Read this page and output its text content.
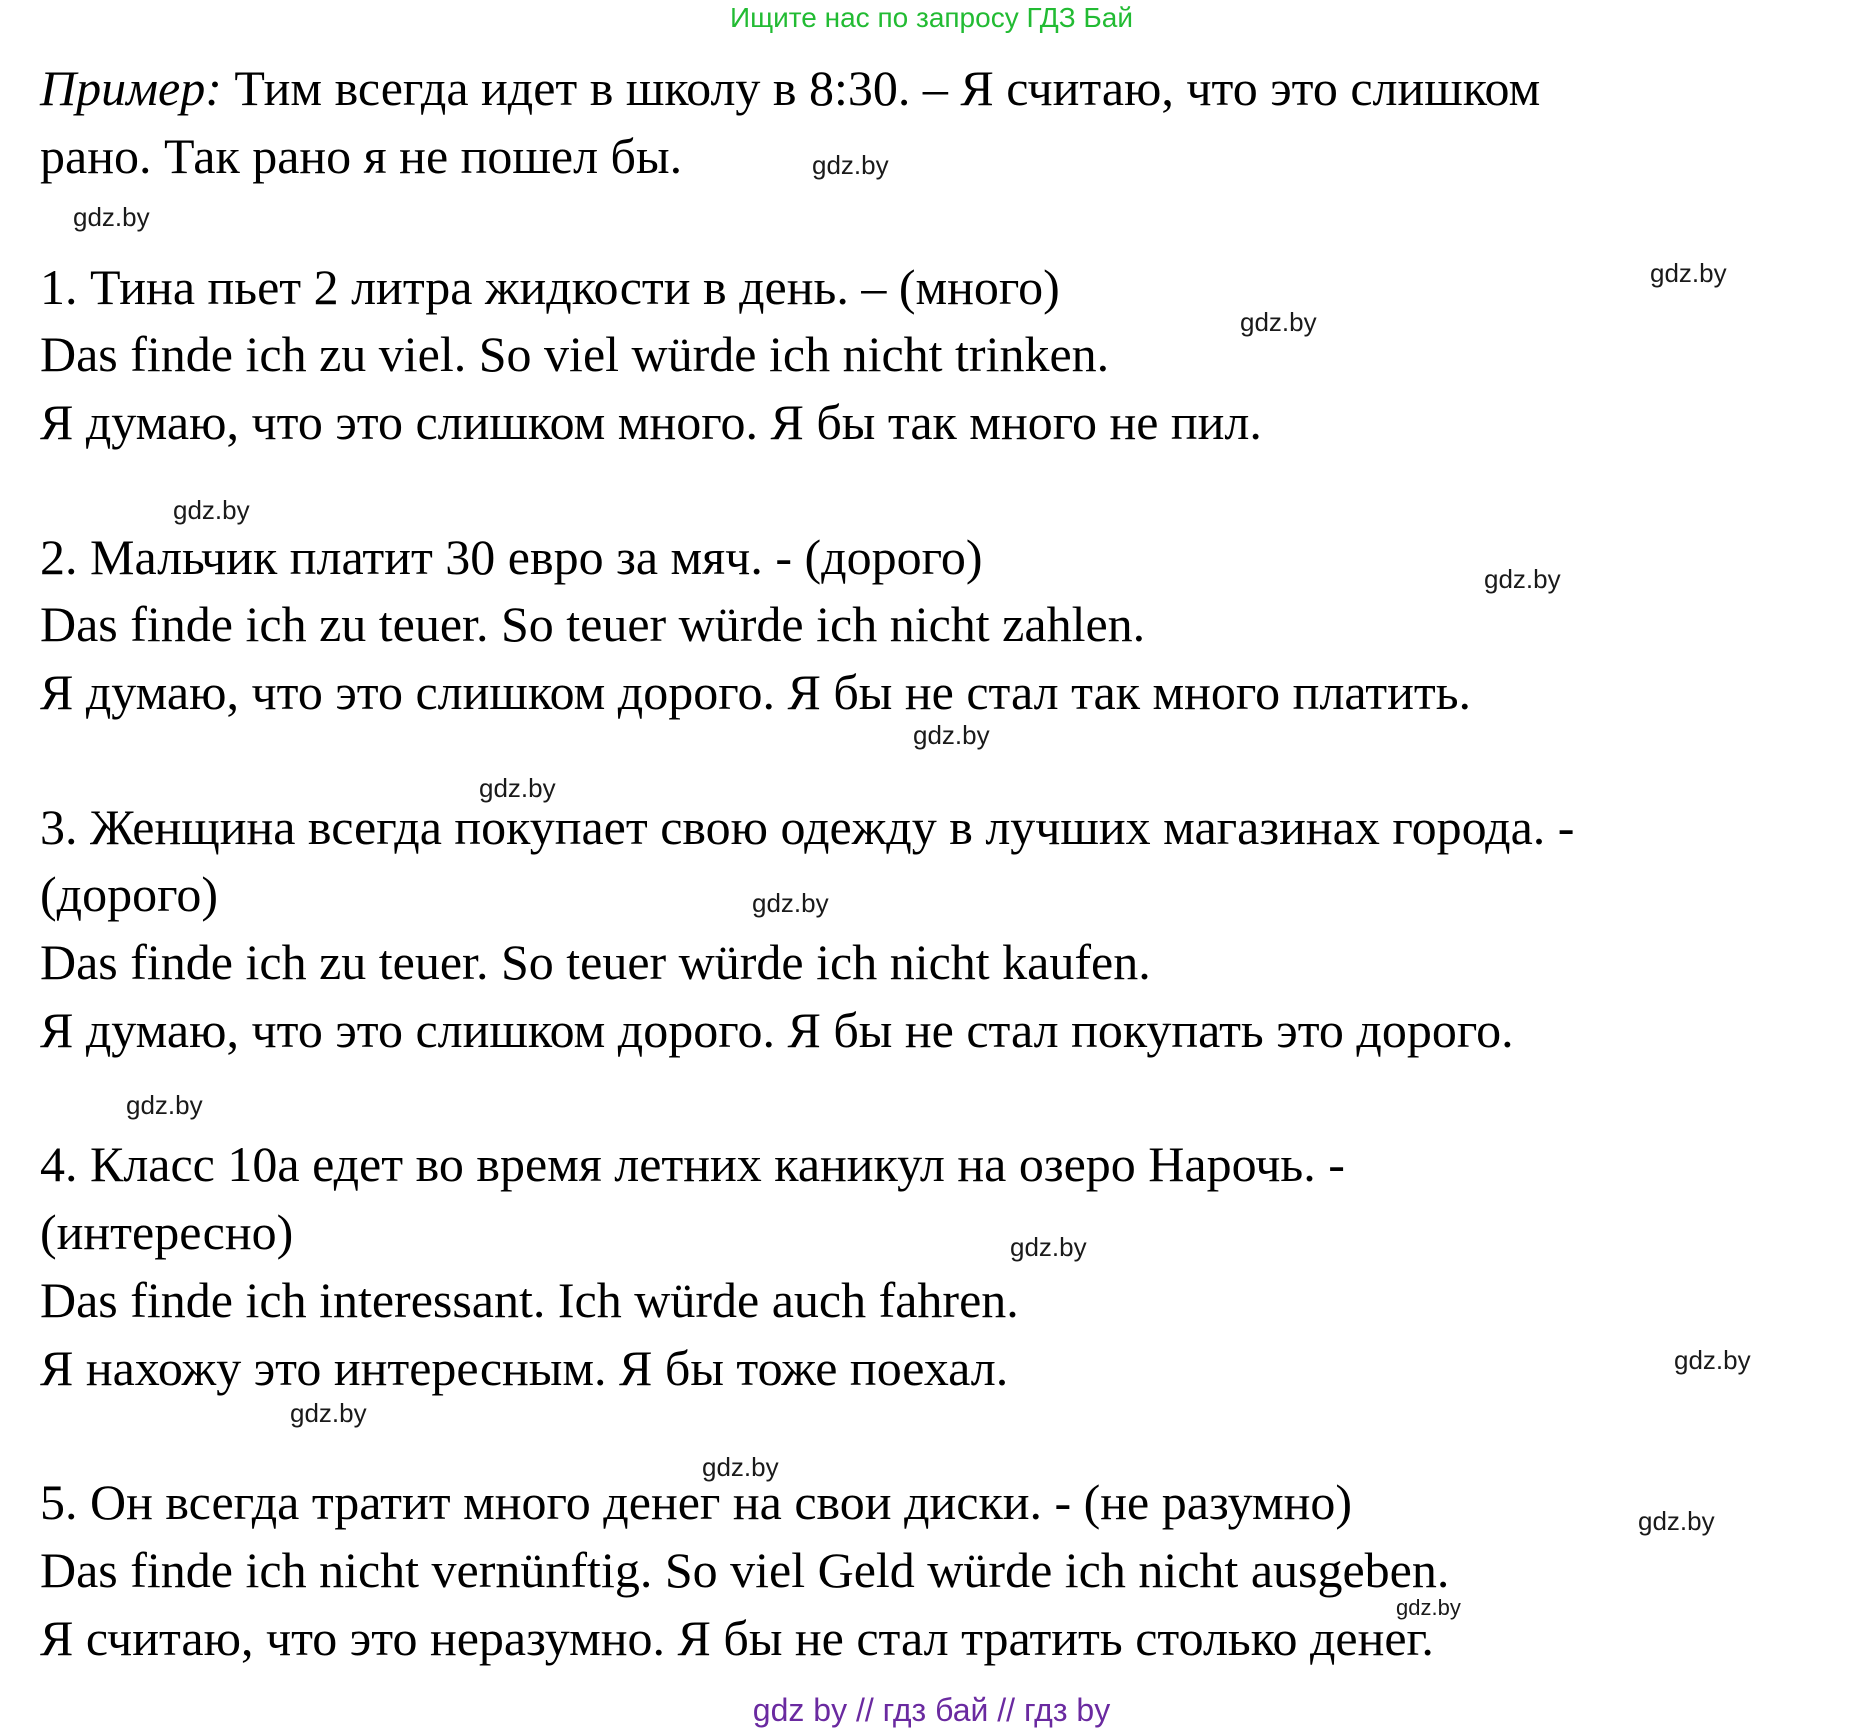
Ищите нас по запросу ГДЗ Бай
Пример: Тим всегда идет в школу в 8:30. – Я считаю, что это слишком
рано. Так рано я не пошел бы.
1. Тина пьет 2 литра жидкости в день. – (много)
Das finde ich zu viel. So viel würde ich nicht trinken.
Я думаю, что это слишком много. Я бы так много не пил.
2. Мальчик платит 30 евро за мяч. - (дорого)
Das finde ich zu teuer. So teuer würde ich nicht zahlen.
Я думаю, что это слишком дорого. Я бы не стал так много платить.
3. Женщина всегда покупает свою одежду в лучших магазинах города. -
(дорого)
Das finde ich zu teuer. So teuer würde ich nicht kaufen.
Я думаю, что это слишком дорого. Я бы не стал покупать это дорого.
4. Класс 10а едет во время летних каникул на озеро Нарочь. -
(интересно)
Das finde ich interessant. Ich würde auch fahren.
Я нахожу это интересным. Я бы тоже поехал.
5. Он всегда тратит много денег на свои диски. - (не разумно)
Das finde ich nicht vernünftig. So viel Geld würde ich nicht ausgeben.
Я считаю, что это неразумно. Я бы не стал тратить столько денег.
gdz.by
gdz.by
gdz.by
gdz.by
gdz.by
gdz.by
gdz.by
gdz.by
gdz.by
gdz.by
gdz.by
gdz.by
gdz.by
gdz.by
gdz.by
gdz.by
gdz by // гдз бай // гдз by
